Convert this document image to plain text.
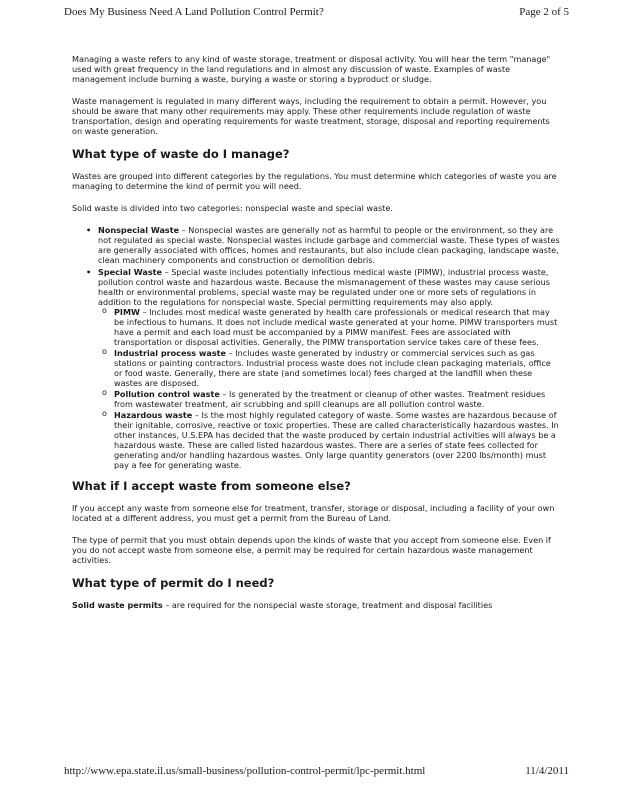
Does My Business Need A Land Pollution Control Permit?	Page 2 of 5

Managing a waste refers to any kind of waste storage, treatment or disposal activity. You will hear the term "manage" used with great frequency in the land regulations and in almost any discussion of waste. Examples of waste management include burning a waste, burying a waste or storing a byproduct or sludge.

Waste management is regulated in many different ways, including the requirement to obtain a permit. However, you should be aware that many other requirements may apply. These other requirements include regulation of waste transportation, design and operating requirements for waste treatment, storage, disposal and reporting requirements on waste generation.

What type of waste do I manage?

Wastes are grouped into different categories by the regulations. You must determine which categories of waste you are managing to determine the kind of permit you will need.

Solid waste is divided into two categories: nonspecial waste and special waste.

• Nonspecial Waste – Nonspecial wastes are generally not as harmful to people or the environment, so they are not regulated as special waste. Nonspecial wastes include garbage and commercial waste. These types of wastes are generally associated with offices, homes and restaurants, but also include clean packaging, landscape waste, clean machinery components and construction or demolition debris.
• Special Waste – Special waste includes potentially infectious medical waste (PIMW), industrial process waste, pollution control waste and hazardous waste. Because the mismanagement of these wastes may cause serious health or environmental problems, special waste may be regulated under one or more sets of regulations in addition to the regulations for nonspecial waste. Special permitting requirements may also apply.
o PIMW – Includes most medical waste generated by health care professionals or medical research that may be infectious to humans. It does not include medical waste generated at your home. PIMW transporters must have a permit and each load must be accompanied by a PIMW manifest. Fees are associated with transportation or disposal activities. Generally, the PIMW transportation service takes care of these fees.
o Industrial process waste – Includes waste generated by industry or commercial services such as gas stations or painting contractors. Industrial process waste does not include clean packaging materials, office or food waste. Generally, there are state (and sometimes local) fees charged at the landfill when these wastes are disposed.
o Pollution control waste – Is generated by the treatment or cleanup of other wastes. Treatment residues from wastewater treatment, air scrubbing and spill cleanups are all pollution control waste.
o Hazardous waste – Is the most highly regulated category of waste. Some wastes are hazardous because of their ignitable, corrosive, reactive or toxic properties. These are called characteristically hazardous wastes. In other instances, U.S.EPA has decided that the waste produced by certain industrial activities will always be a hazardous waste. These are called listed hazardous wastes. There are a series of state fees collected for generating and/or handling hazardous wastes. Only large quantity generators (over 2200 lbs/month) must pay a fee for generating waste.
What if I accept waste from someone else?

If you accept any waste from someone else for treatment, transfer, storage or disposal, including a facility of your own located at a different address, you must get a permit from the Bureau of Land.

The type of permit that you must obtain depends upon the kinds of waste that you accept from someone else. Even if you do not accept waste from someone else, a permit may be required for certain hazardous waste management activities.

What type of permit do I need?

Solid waste permits – are required for the nonspecial waste storage, treatment and disposal facilities

http://www.epa.state.il.us/small-business/pollution-control-permit/lpc-permit.html	11/4/2011
